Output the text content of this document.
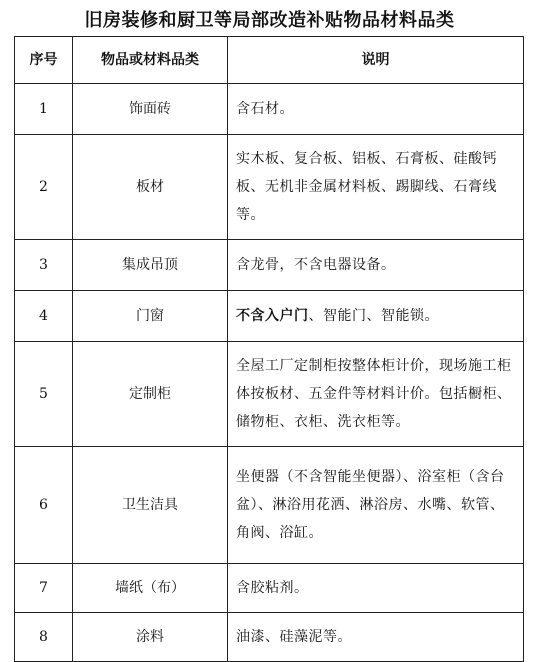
旧房装修和厨卫等局部改造补贴物品材料品类
序号	物品或材料品类	说明
1	饰面砖	含石材。
2	板材	实木板、复合板、铝板、石膏板、硅酸钙板、无机非金属材料板、踢脚线、石膏线等。
3	集成吊顶	含龙骨，不含电器设备。
4	门窗	不含入户门、智能门、智能锁。
5	定制柜	全屋工厂定制柜按整体柜计价，现场施工柜体按板材、五金件等材料计价。包括橱柜、储物柜、衣柜、洗衣柜等。
6	卫生洁具	坐便器（不含智能坐便器）、浴室柜（含台盆）、淋浴用花洒、淋浴房、水嘴、软管、角阀、浴缸。
7	墙纸（布）	含胶粘剂。
8	涂料	油漆、硅藻泥等。
